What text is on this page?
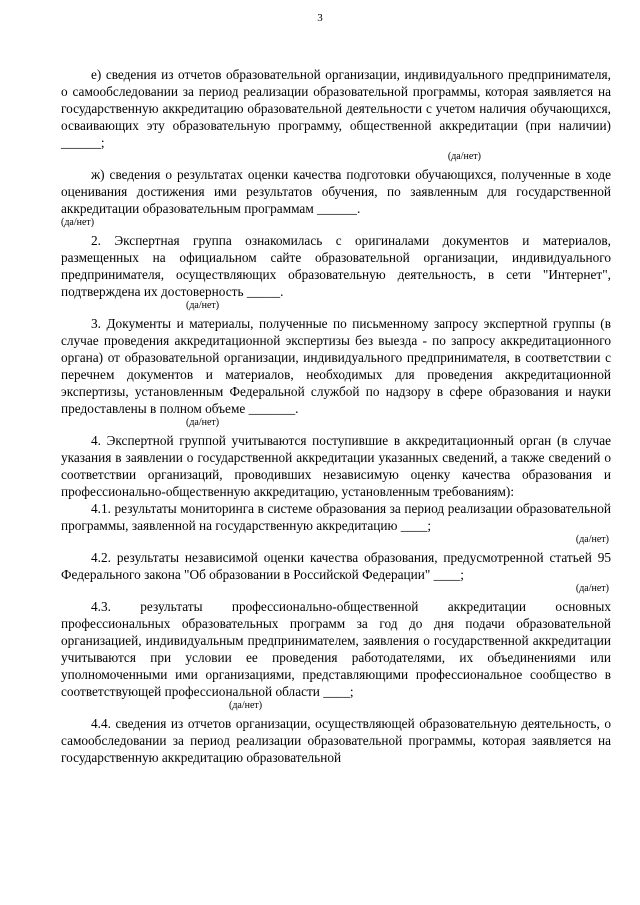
3

е) сведения из отчетов образовательной организации, индивидуального предпринимателя, о самообследовании за период реализации образовательной программы, которая заявляется на государственную аккредитацию образовательной деятельности с учетом наличия обучающихся, осваивающих эту образовательную программу, общественной аккредитации (при наличии) ______;

(да/нет)

ж) сведения о результатах оценки качества подготовки обучающихся, полученные в ходе оценивания достижения ими результатов обучения, по заявленным для государственной аккредитации образовательным программам ______.

(да/нет)

2. Экспертная группа ознакомилась с оригиналами документов и материалов, размещенных на официальном сайте образовательной организации, индивидуального предпринимателя, осуществляющих образовательную деятельность, в сети "Интернет", подтверждена их достоверность _____.

(да/нет)

3. Документы и материалы, полученные по письменному запросу экспертной группы (в случае проведения аккредитационной экспертизы без выезда - по запросу аккредитационного органа) от образовательной организации, индивидуального предпринимателя, в соответствии с перечнем документов и материалов, необходимых для проведения аккредитационной экспертизы, установленным Федеральной службой по надзору в сфере образования и науки предоставлены в полном объеме _______.

(да/нет)

4. Экспертной группой учитываются поступившие в аккредитационный орган (в случае указания в заявлении о государственной аккредитации указанных сведений, а также сведений о соответствии организаций, проводивших независимую оценку качества образования и профессионально-общественную аккредитацию, установленным требованиям):

4.1. результаты мониторинга в системе образования за период реализации образовательной программы, заявленной на государственную аккредитацию ____;

(да/нет)

4.2. результаты независимой оценки качества образования, предусмотренной статьей 95 Федерального закона "Об образовании в Российской Федерации" ____;

(да/нет)

4.3. результаты профессионально-общественной аккредитации основных профессиональных образовательных программ за год до дня подачи образовательной организацией, индивидуальным предпринимателем, заявления о государственной аккредитации учитываются при условии ее проведения работодателями, их объединениями или уполномоченными ими организациями, представляющими профессиональное сообщество в соответствующей профессиональной области ____;

(да/нет)

4.4. сведения из отчетов организации, осуществляющей образовательную деятельность, о самообследовании за период реализации образовательной программы, которая заявляется на государственную аккредитацию образовательной
